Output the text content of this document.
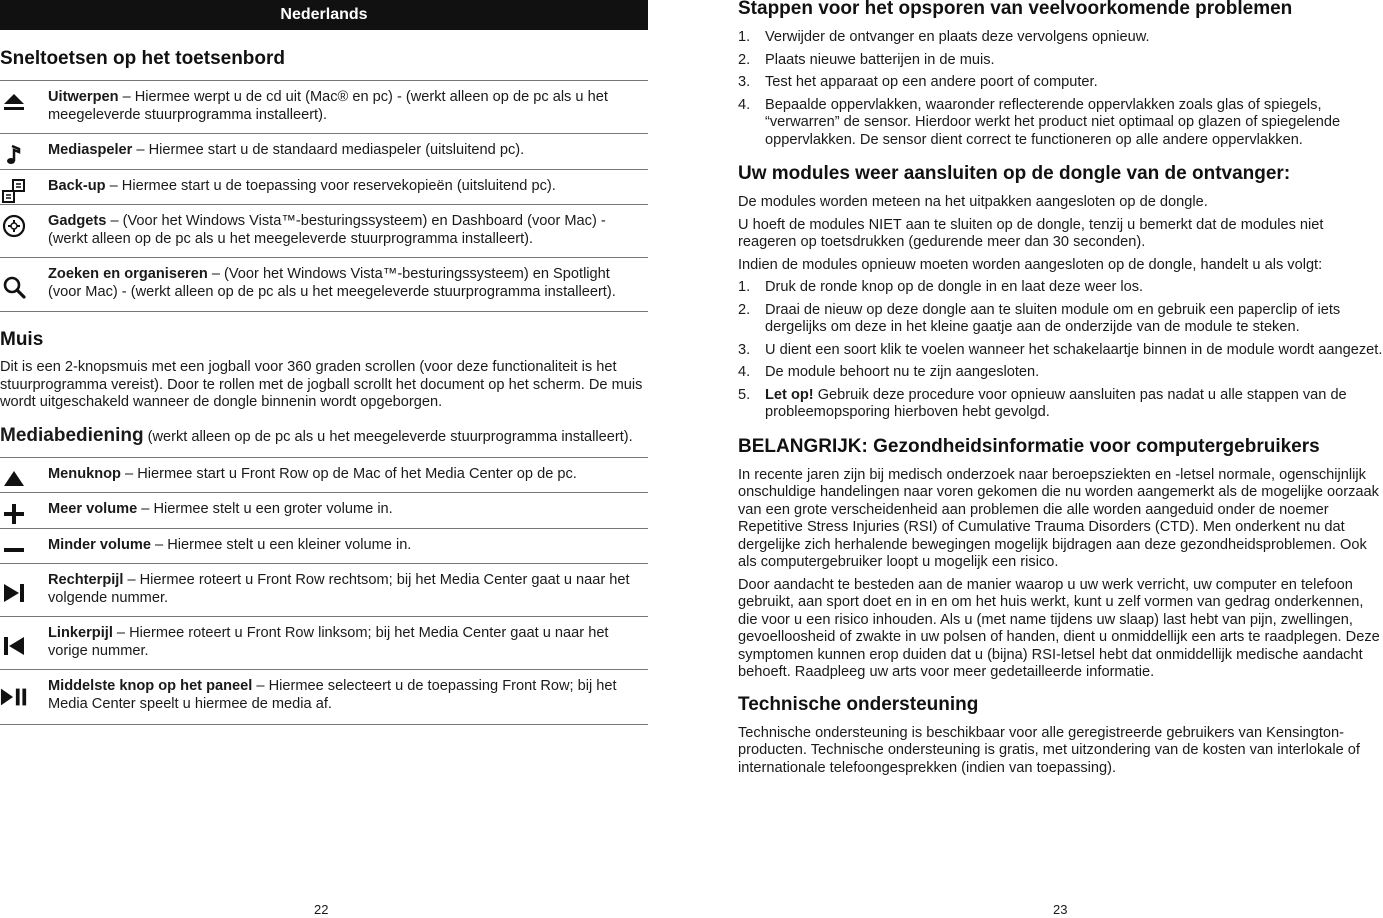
Nederlands
Sneltoetsen op het toetsenbord
Uitwerpen – Hiermee werpt u de cd uit (Mac® en pc) - (werkt alleen op de pc als u het meegeleverde stuurprogramma installeert).
Mediaspeler – Hiermee start u de standaard mediaspeler (uitsluitend pc).
Back-up – Hiermee start u de toepassing voor reservekopieën (uitsluitend pc).
Gadgets – (Voor het Windows Vista™-besturingssysteem) en Dashboard (voor Mac) - (werkt alleen op de pc als u het meegeleverde stuurprogramma installeert).
Zoeken en organiseren – (Voor het Windows Vista™-besturingssysteem) en Spotlight (voor Mac) - (werkt alleen op de pc als u het meegeleverde stuurprogramma installeert).
Muis

Dit is een 2-knopsmuis met een jogball voor 360 graden scrollen (voor deze functionaliteit is het stuurprogramma vereist). Door te rollen met de jogball scrollt het document op het scherm. De muis wordt uitgeschakeld wanneer de dongle binnenin wordt opgeborgen.

Mediabediening (werkt alleen op de pc als u het meegeleverde stuurprogramma installeert).
Menuknop – Hiermee start u Front Row op de Mac of het Media Center op de pc.
Meer volume – Hiermee stelt u een groter volume in.
Minder volume – Hiermee stelt u een kleiner volume in.
Rechterpijl – Hiermee roteert u Front Row rechtsom; bij het Media Center gaat u naar het volgende nummer.
Linkerpijl – Hiermee roteert u Front Row linksom; bij het Media Center gaat u naar het vorige nummer.
Middelste knop op het paneel – Hiermee selecteert u de toepassing Front Row; bij het Media Center speelt u hiermee de media af.
22
Stappen voor het opsporen van veelvoorkomende problemen
1. Verwijder de ontvanger en plaats deze vervolgens opnieuw.
2. Plaats nieuwe batterijen in de muis.
3. Test het apparaat op een andere poort of computer.
4. Bepaalde oppervlakken, waaronder reflecterende oppervlakken zoals glas of spiegels, “verwarren” de sensor. Hierdoor werkt het product niet optimaal op glazen of spiegelende oppervlakken. De sensor dient correct te functioneren op alle andere oppervlakken.
Uw modules weer aansluiten op de dongle van de ontvanger:

De modules worden meteen na het uitpakken aangesloten op de dongle.

U hoeft de modules NIET aan te sluiten op de dongle, tenzij u bemerkt dat de modules niet reageren op toetsdrukken (gedurende meer dan 30 seconden).

Indien de modules opnieuw moeten worden aangesloten op de dongle, handelt u als volgt:

1. Druk de ronde knop op de dongle in en laat deze weer los.
2. Draai de nieuw op deze dongle aan te sluiten module om en gebruik een paperclip of iets dergelijks om deze in het kleine gaatje aan de onderzijde van de module te steken.
3. U dient een soort klik te voelen wanneer het schakelaartje binnen in de module wordt aangezet.
4. De module behoort nu te zijn aangesloten.
5. Let op! Gebruik deze procedure voor opnieuw aansluiten pas nadat u alle stappen van de probleemopsporing hierboven hebt gevolgd.
BELANGRIJK: Gezondheidsinformatie voor computergebruikers

In recente jaren zijn bij medisch onderzoek naar beroepsziekten en -letsel normale, ogenschijnlijk onschuldige handelingen naar voren gekomen die nu worden aangemerkt als de mogelijke oorzaak van een grote verscheidenheid aan problemen die alle worden aangeduid onder de noemer Repetitive Stress Injuries (RSI) of Cumulative Trauma Disorders (CTD). Men onderkent nu dat dergelijke zich herhalende bewegingen mogelijk bijdragen aan deze gezondheidsproblemen. Ook als computergebruiker loopt u mogelijk een risico.

Door aandacht te besteden aan de manier waarop u uw werk verricht, uw computer en telefoon gebruikt, aan sport doet en in en om het huis werkt, kunt u zelf vormen van gedrag onderkennen, die voor u een risico inhouden. Als u (met name tijdens uw slaap) last hebt van pijn, zwellingen, gevoelloosheid of zwakte in uw polsen of handen, dient u onmiddellijk een arts te raadplegen. Deze symptomen kunnen erop duiden dat u (bijna) RSI-letsel hebt dat onmiddellijk medische aandacht behoeft. Raadpleeg uw arts voor meer gedetailleerde informatie.

Technische ondersteuning

Technische ondersteuning is beschikbaar voor alle geregistreerde gebruikers van Kensington-producten. Technische ondersteuning is gratis, met uitzondering van de kosten van interlokale of internationale telefoongesprekken (indien van toepassing).

23
